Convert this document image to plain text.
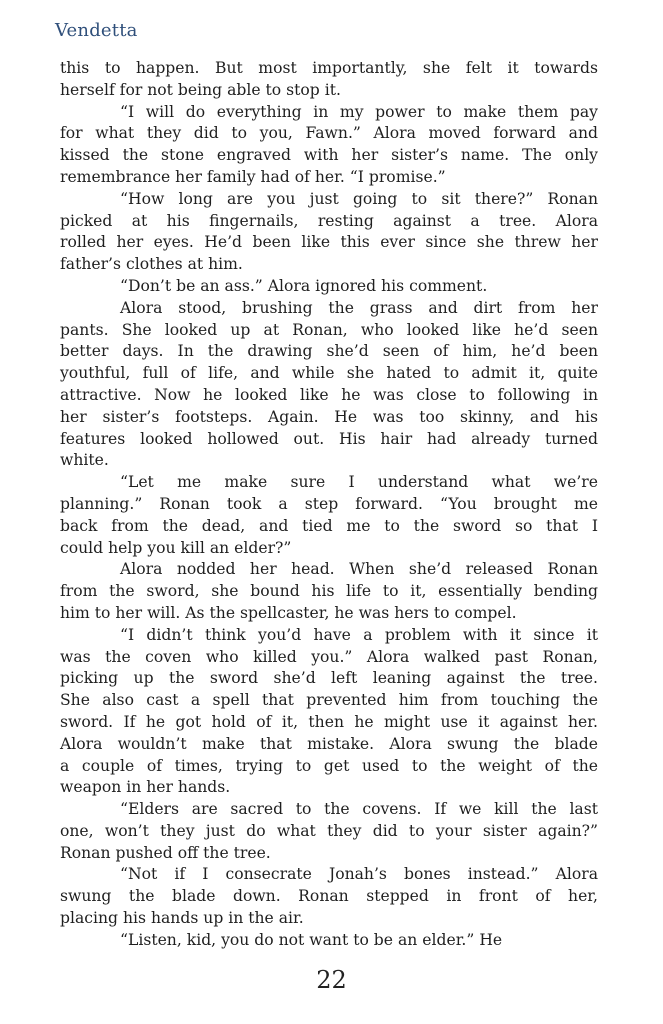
Vendetta
this to happen. But most importantly, she felt it towards
herself for not being able to stop it.
“I will do everything in my power to make them pay
for what they did to you, Fawn.” Alora moved forward and
kissed the stone engraved with her sister’s name. The only
remembrance her family had of her. “I promise.”
“How long are you just going to sit there?” Ronan
picked at his fingernails, resting against a tree. Alora
rolled her eyes. He’d been like this ever since she threw her
father’s clothes at him.
“Don’t be an ass.” Alora ignored his comment.
Alora stood, brushing the grass and dirt from her
pants. She looked up at Ronan, who looked like he’d seen
better days. In the drawing she’d seen of him, he’d been
youthful, full of life, and while she hated to admit it, quite
attractive. Now he looked like he was close to following in
her sister’s footsteps. Again. He was too skinny, and his
features looked hollowed out. His hair had already turned
white.
“Let me make sure I understand what we’re
planning.” Ronan took a step forward. “You brought me
back from the dead, and tied me to the sword so that I
could help you kill an elder?”
Alora nodded her head. When she’d released Ronan
from the sword, she bound his life to it, essentially bending
him to her will. As the spellcaster, he was hers to compel.
“I didn’t think you’d have a problem with it since it
was the coven who killed you.” Alora walked past Ronan,
picking up the sword she’d left leaning against the tree.
She also cast a spell that prevented him from touching the
sword. If he got hold of it, then he might use it against her.
Alora wouldn’t make that mistake. Alora swung the blade
a couple of times, trying to get used to the weight of the
weapon in her hands.
“Elders are sacred to the covens. If we kill the last
one, won’t they just do what they did to your sister again?”
Ronan pushed off the tree.
“Not if I consecrate Jonah’s bones instead.” Alora
swung the blade down. Ronan stepped in front of her,
placing his hands up in the air.
“Listen, kid, you do not want to be an elder.” He
22
